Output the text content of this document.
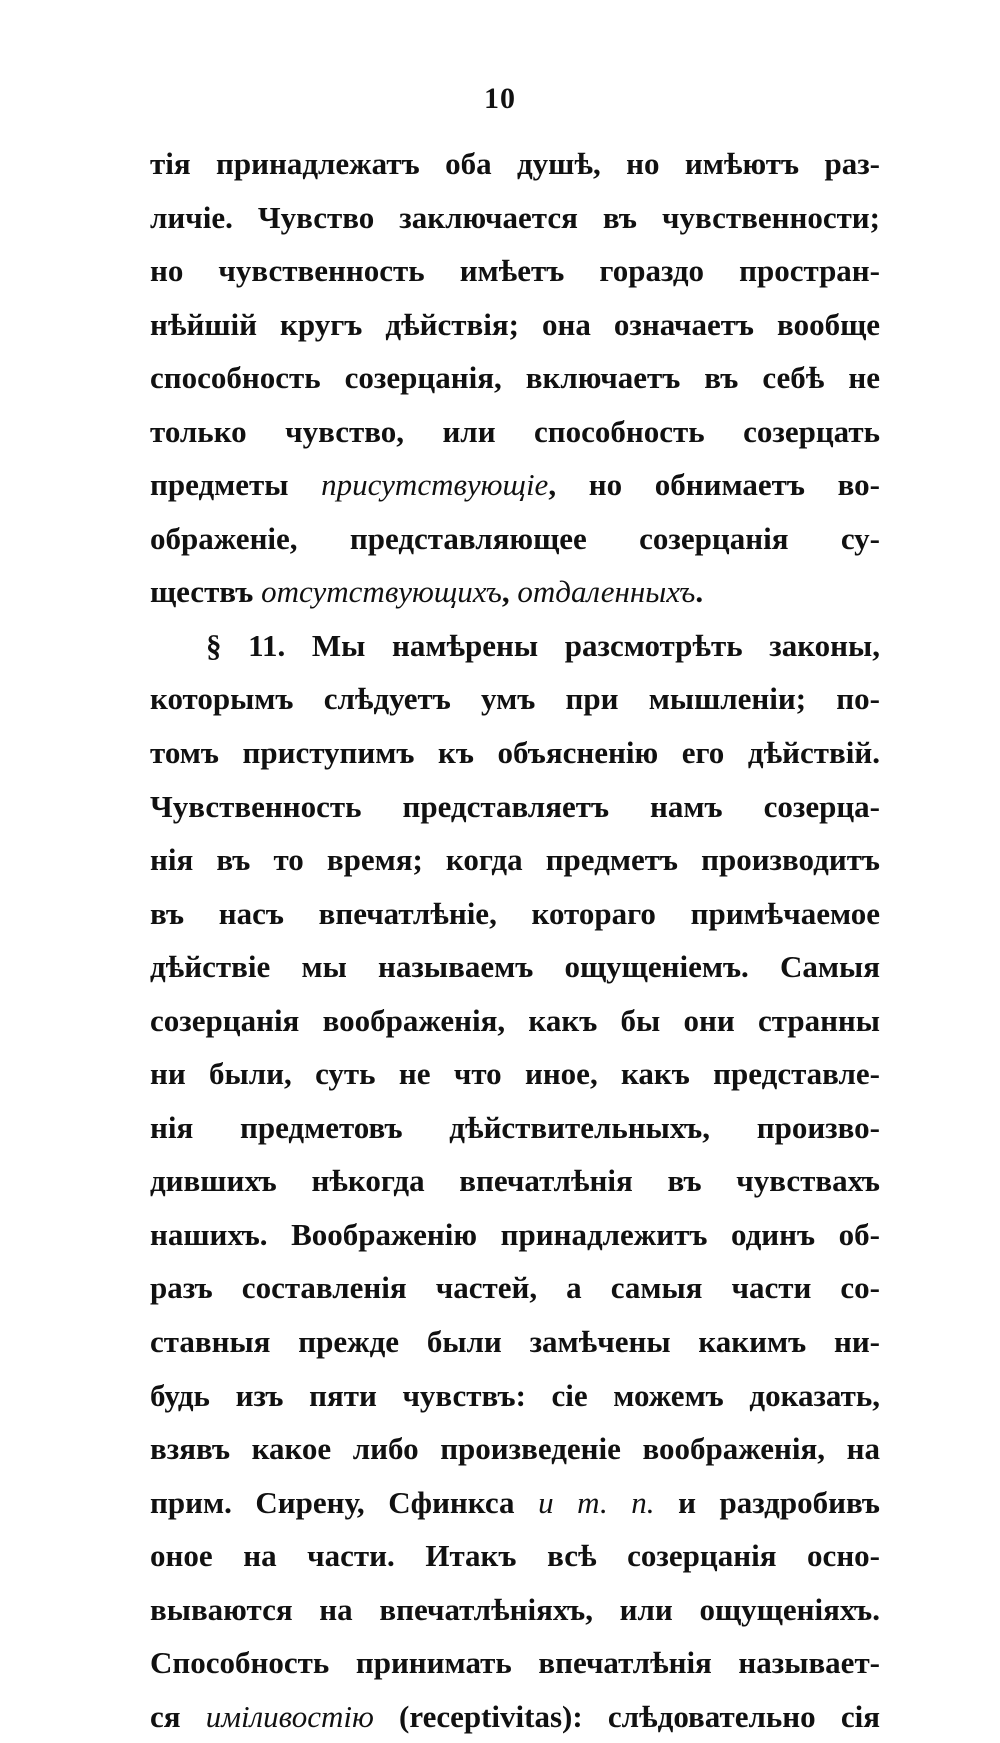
10
тія принадлежатъ оба душѣ, но имѣютъ раз-
личіе. Чувство заключается въ чувственности;
но чувственность имѣетъ гораздо простран-
нѣйшій кругъ дѣйствія; она означаетъ вообще
способность созерцанія, включаетъ въ себѣ не
только чувство, или способность созерцать
предметы присутствующіе, но обнимаетъ во-
ображеніе, представляющее созерцанія су-
ществъ отсутствующихъ, отдаленныхъ.
§ 11. Мы намѣрены разсмотрѣть законы,
которымъ слѣдуетъ умъ при мышленіи; по-
томъ приступимъ къ объясненію его дѣйствій.
Чувственность представляетъ намъ созерца-
нія въ то время; когда предметъ производитъ
въ насъ впечатлѣніе, котораго примѣчаемое
дѣйствіе мы называемъ ощущеніемъ. Самыя
созерцанія воображенія, какъ бы они странны
ни были, суть не что иное, какъ представле-
нія предметовъ дѣйствительныхъ, произво-
дившихъ нѣкогда впечатлѣнія въ чувствахъ
нашихъ. Воображенію принадлежитъ одинъ об-
разъ составленія частей, а самыя части со-
ставныя прежде были замѣчены какимъ ни-
будь изъ пяти чувствъ: сіе можемъ доказать,
взявъ какое либо произведеніе воображенія, на
прим. Сирену, Сфинкса и т. п. и раздробивъ
оное на части. Итакъ всѣ созерцанія осно-
вываются на впечатлѣніяхъ, или ощущеніяхъ.
Способность принимать впечатлѣнія называет-
ся иміливостію (receptivitas): слѣдовательно сія
